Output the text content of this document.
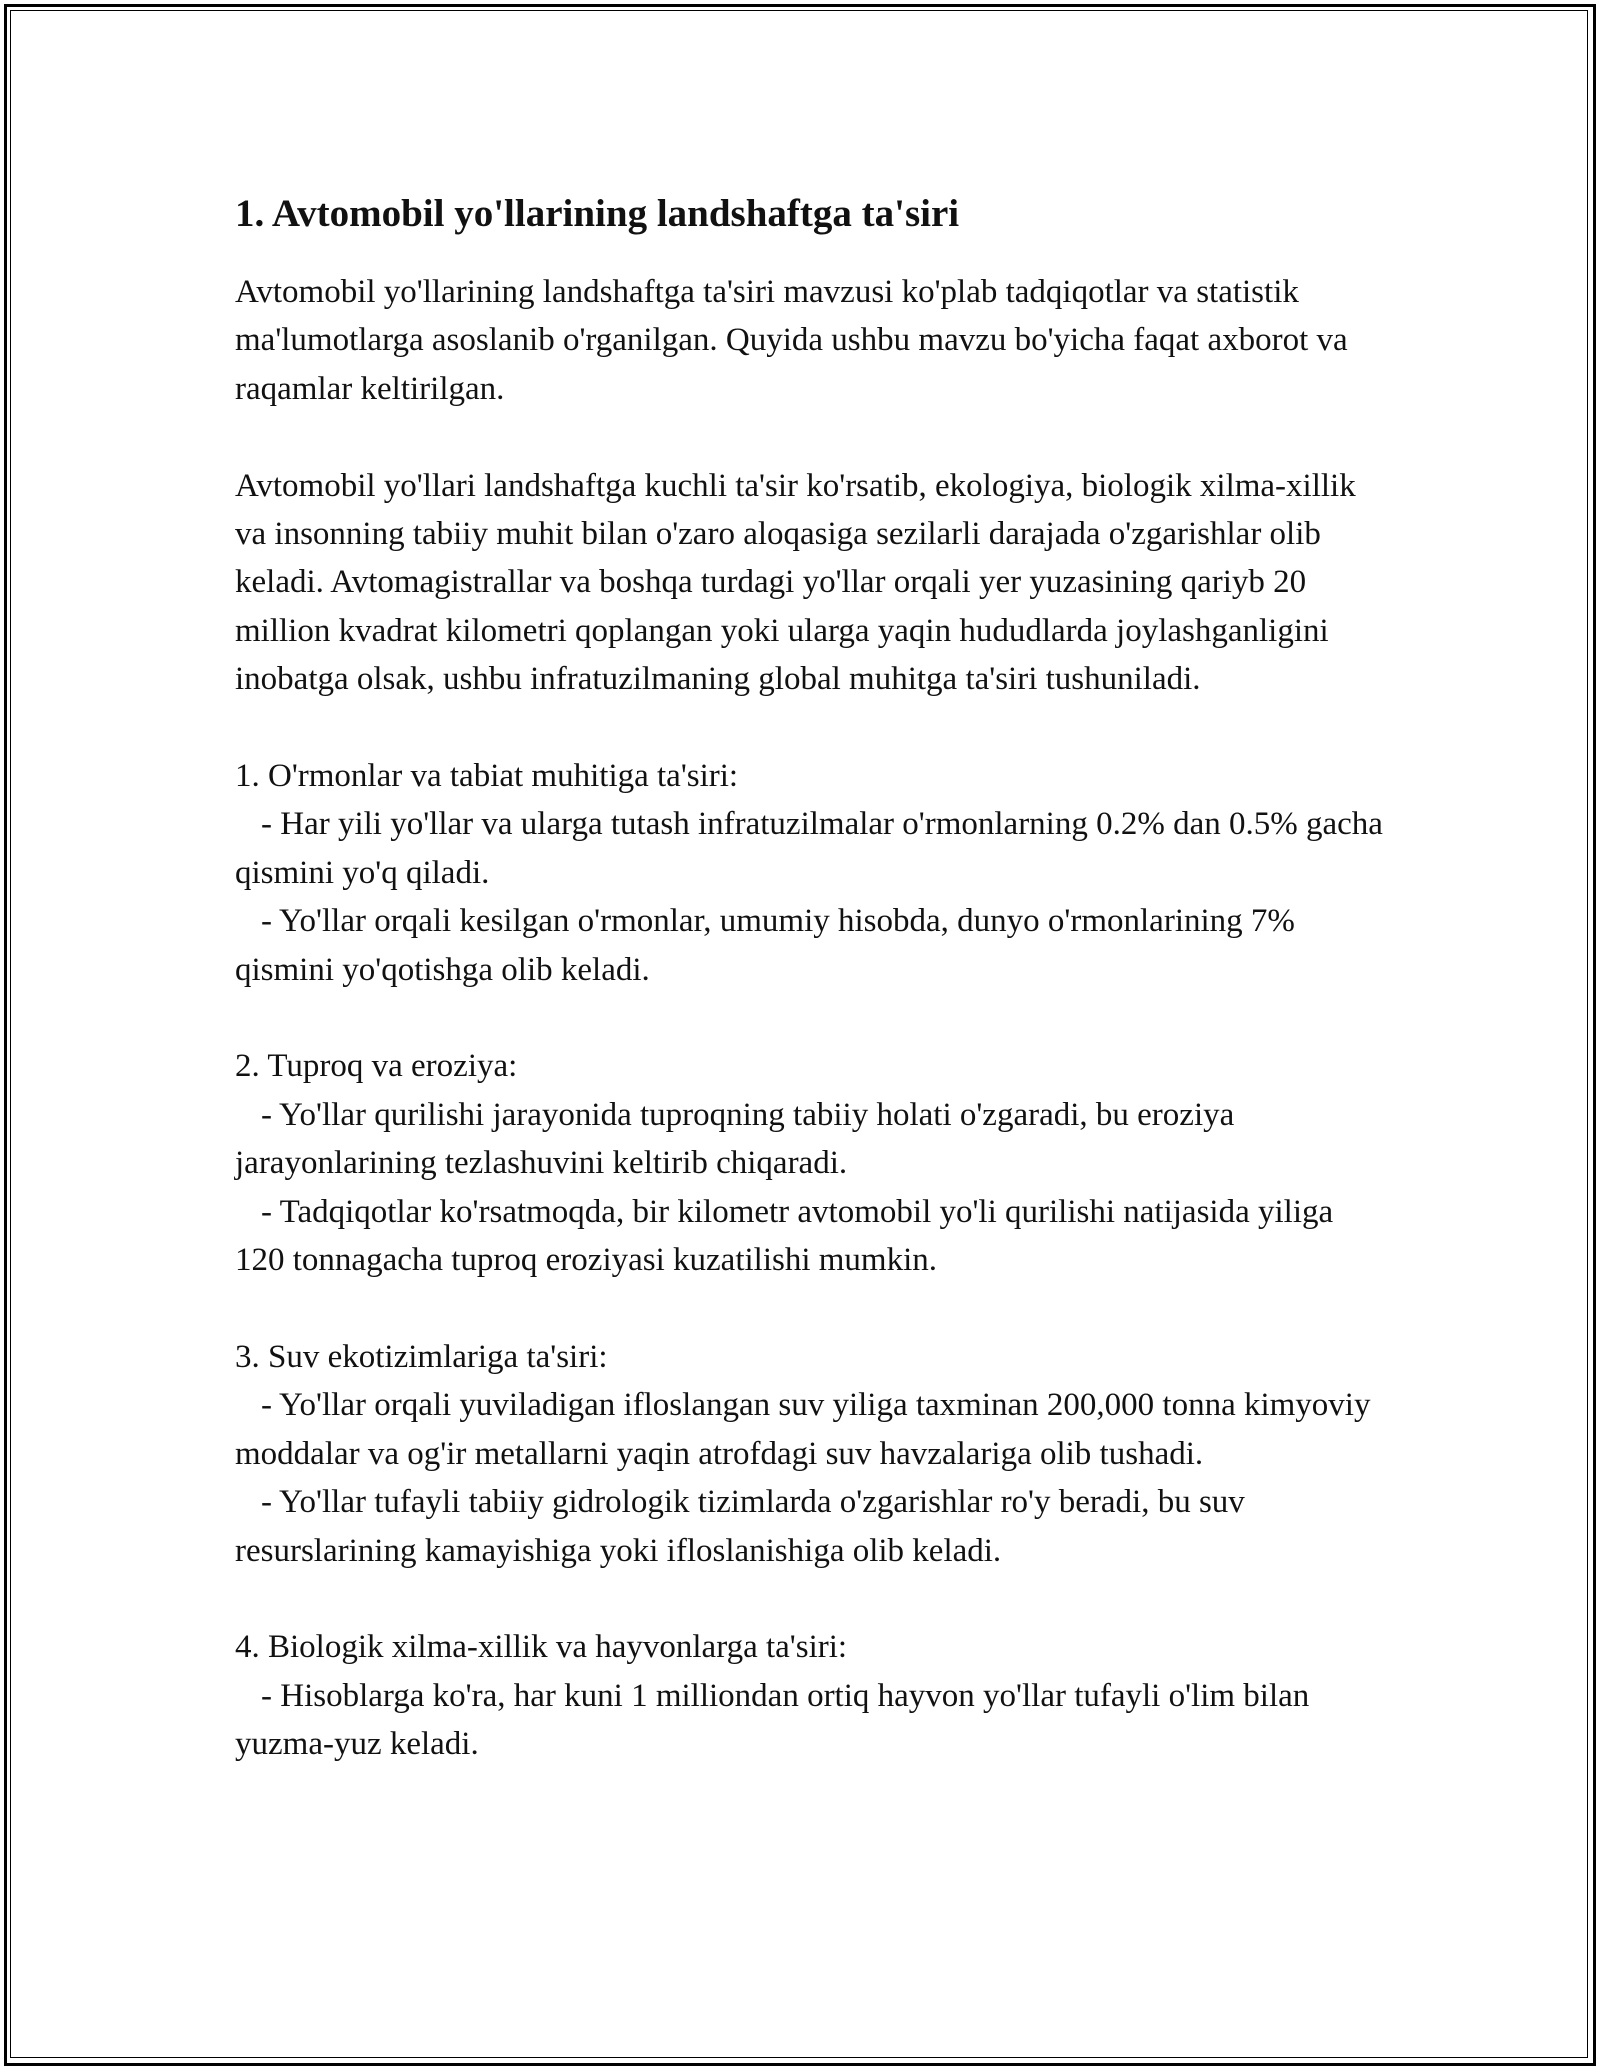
1. Avtomobil yo'llarining landshaftga ta'siri

Avtomobil yo'llarining landshaftga ta'siri mavzusi ko'plab tadqiqotlar va statistik ma'lumotlarga asoslanib o'rganilgan. Quyida ushbu mavzu bo'yicha faqat axborot va raqamlar keltirilgan.

Avtomobil yo'llari landshaftga kuchli ta'sir ko'rsatib, ekologiya, biologik xilma-xillik va insonning tabiiy muhit bilan o'zaro aloqasiga sezilarli darajada o'zgarishlar olib keladi. Avtomagistrallar va boshqa turdagi yo'llar orqali yer yuzasining qariyb 20 million kvadrat kilometri qoplangan yoki ularga yaqin hududlarda joylashganligini inobatga olsak, ushbu infratuzilmaning global muhitga ta'siri tushuniladi.

1. O'rmonlar va tabiat muhitiga ta'siri:

- Har yili yo'llar va ularga tutash infratuzilmalar o'rmonlarning 0.2% dan 0.5% gacha qismini yo'q qiladi.

- Yo'llar orqali kesilgan o'rmonlar, umumiy hisobda, dunyo o'rmonlarining 7% qismini yo'qotishga olib keladi.

2. Tuproq va eroziya:

- Yo'llar qurilishi jarayonida tuproqning tabiiy holati o'zgaradi, bu eroziya jarayonlarining tezlashuvini keltirib chiqaradi.

- Tadqiqotlar ko'rsatmoqda, bir kilometr avtomobil yo'li qurilishi natijasida yiliga 120 tonnagacha tuproq eroziyasi kuzatilishi mumkin.

3. Suv ekotizimlariga ta'siri:

- Yo'llar orqali yuviladigan ifloslangan suv yiliga taxminan 200,000 tonna kimyoviy moddalar va og'ir metallarni yaqin atrofdagi suv havzalariga olib tushadi.

- Yo'llar tufayli tabiiy gidrologik tizimlarda o'zgarishlar ro'y beradi, bu suv resurslarining kamayishiga yoki ifloslanishiga olib keladi.

4. Biologik xilma-xillik va hayvonlarga ta'siri:

- Hisoblarga ko'ra, har kuni 1 milliondan ortiq hayvon yo'llar tufayli o'lim bilan yuzma-yuz keladi.
